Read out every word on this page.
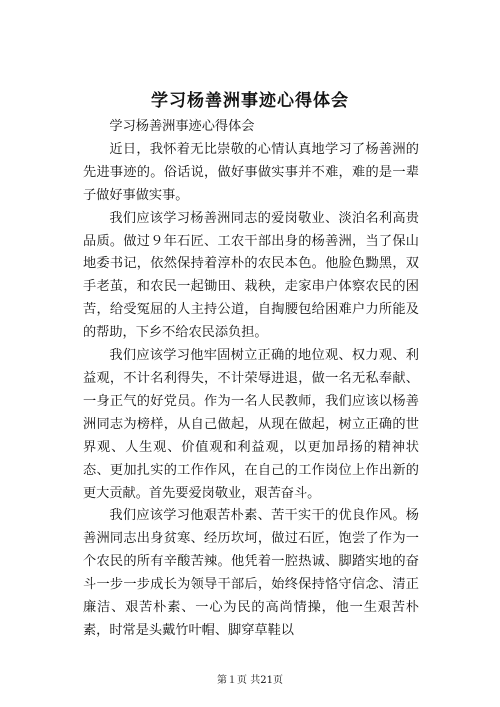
学习杨善洲事迹心得体会

学习杨善洲事迹心得体会

近日，我怀着无比崇敬的心情认真地学习了杨善洲的先进事迹的。俗话说，做好事做实事并不难，难的是一辈子做好事做实事。

我们应该学习杨善洲同志的爱岗敬业、淡泊名利高贵品质。做过９年石匠、工农干部出身的杨善洲，当了保山地委书记，依然保持着淳朴的农民本色。他脸色黝黑，双手老茧，和农民一起锄田、栽秧，走家串户体察农民的困苦，给受冤屈的人主持公道，自掏腰包给困难户力所能及的帮助，下乡不给农民添负担。

我们应该学习他牢固树立正确的地位观、权力观、利益观，不计名利得失，不计荣辱进退，做一名无私奉献、一身正气的好党员。作为一名人民教师，我们应该以杨善洲同志为榜样，从自己做起，从现在做起，树立正确的世界观、人生观、价值观和利益观，以更加昂扬的精神状态、更加扎实的工作作风，在自己的工作岗位上作出新的更大贡献。首先要爱岗敬业，艰苦奋斗。

我们应该学习他艰苦朴素、苦干实干的优良作风。杨善洲同志出身贫寒、经历坎坷，做过石匠，饱尝了作为一个农民的所有辛酸苦辣。他凭着一腔热诚、脚踏实地的奋斗一步一步成长为领导干部后，始终保持恪守信念、清正廉洁、艰苦朴素、一心为民的高尚情操，他一生艰苦朴素，时常是头戴竹叶帽、脚穿草鞋以

第１页 共21页
